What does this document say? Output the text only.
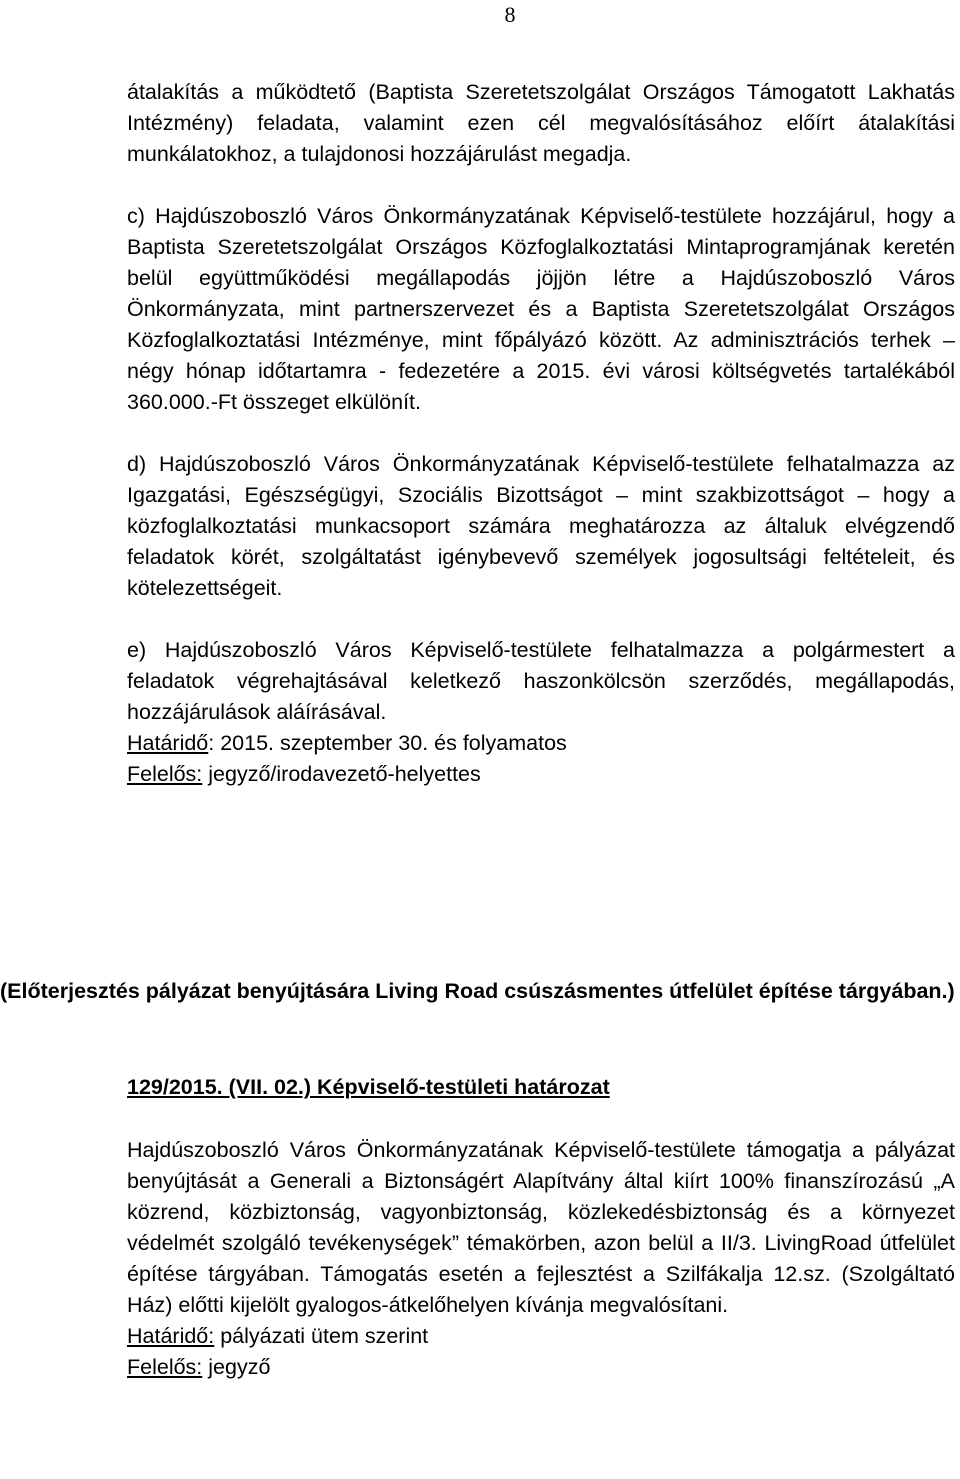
8

átalakítás a működtető (Baptista Szeretetszolgálat Országos Támogatott Lakhatás Intézmény) feladata, valamint ezen cél megvalósításához előírt átalakítási munkálatokhoz, a tulajdonosi hozzájárulást megadja.

c) Hajdúszoboszló Város Önkormányzatának Képviselő-testülete hozzájárul, hogy a Baptista Szeretetszolgálat Országos Közfoglalkoztatási Mintaprogramjának keretén belül együttműködési megállapodás jöjjön létre a Hajdúszoboszló Város Önkormányzata, mint partnerszervezet és a Baptista Szeretetszolgálat Országos Közfoglalkoztatási Intézménye, mint főpályázó között. Az adminisztrációs terhek – négy hónap időtartamra - fedezetére a 2015. évi városi költségvetés tartalékából 360.000.-Ft összeget elkülönít.

d) Hajdúszoboszló Város Önkormányzatának Képviselő-testülete felhatalmazza az Igazgatási, Egészségügyi, Szociális Bizottságot – mint szakbizottságot – hogy a közfoglalkoztatási munkacsoport számára meghatározza az általuk elvégzendő feladatok körét, szolgáltatást igénybevevő személyek jogosultsági feltételeit, és kötelezettségeit.

e) Hajdúszoboszló Város Képviselő-testülete felhatalmazza a polgármestert a feladatok végrehajtásával keletkező haszonkölcsön szerződés, megállapodás, hozzájárulások aláírásával.

Határidő: 2015. szeptember 30. és folyamatos

Felelős: jegyző/irodavezető-helyettes

(Előterjesztés pályázat benyújtására Living Road csúszásmentes útfelület építése tárgyában.)

129/2015. (VII. 02.) Képviselő-testületi határozat

Hajdúszoboszló Város Önkormányzatának Képviselő-testülete támogatja a pályázat benyújtását a Generali a Biztonságért Alapítvány által kiírt 100% finanszírozású „A közrend, közbiztonság, vagyonbiztonság, közlekedésbiztonság és a környezet védelmét szolgáló tevékenységek” témakörben, azon belül a II/3. LivingRoad útfelület építése tárgyában. Támogatás esetén a fejlesztést a Szilfákalja 12.sz. (Szolgáltató Ház) előtti kijelölt gyalogos-átkelőhelyen kívánja megvalósítani.

Határidő: pályázati ütem szerint

Felelős: jegyző
